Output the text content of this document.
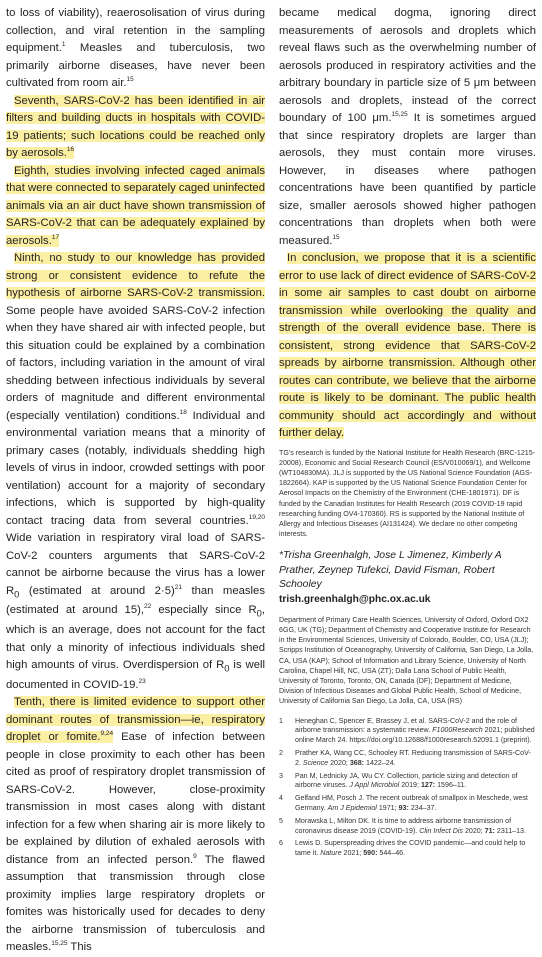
to loss of viability), reaerosolisation of virus during collection, and viral retention in the sampling equipment.$^1$ Measles and tuberculosis, two primarily airborne diseases, have never been cultivated from room air.$^{15}$

Seventh, SARS-CoV-2 has been identified in air filters and building ducts in hospitals with COVID-19 patients; such locations could be reached only by aerosols.$^{16}$

Eighth, studies involving infected caged animals that were connected to separately caged uninfected animals via an air duct have shown transmission of SARS-CoV-2 that can be adequately explained by aerosols.$^{17}$

Ninth, no study to our knowledge has provided strong or consistent evidence to refute the hypothesis of airborne SARS-CoV-2 transmission. Some people have avoided SARS-CoV-2 infection when they have shared air with infected people, but this situation could be explained by a combination of factors, including variation in the amount of viral shedding between infectious individuals by several orders of magnitude and different environmental (especially ventilation) conditions.$^{18}$ Individual and environmental variation means that a minority of primary cases (notably, individuals shedding high levels of virus in indoor, crowded settings with poor ventilation) account for a majority of secondary infections, which is supported by high-quality contact tracing data from several countries.$^{19,20}$ Wide variation in respiratory viral load of SARS-CoV-2 counters arguments that SARS-CoV-2 cannot be airborne because the virus has a lower $R_0$ (estimated at around 2·5)$^{21}$ than measles (estimated at around 15),$^{22}$ especially since $R_0$, which is an average, does not account for the fact that only a minority of infectious individuals shed high amounts of virus. Overdispersion of $R_0$ is well documented in COVID-19.23

Tenth, there is limited evidence to support other dominant routes of transmission—ie, respiratory droplet or fomite.$^{9,24}$ Ease of infection between people in close proximity to each other has been cited as proof of respiratory droplet transmission of SARS-CoV-2. However, close-proximity transmission in most cases along with distant infection for a few when sharing air is more likely to be explained by dilution of exhaled aerosols with distance from an infected person.$^9$ The flawed assumption that transmission through close proximity implies large respiratory droplets or fomites was historically used for decades to deny the airborne transmission of tuberculosis and measles.$^{15,25}$ This

became medical dogma, ignoring direct measurements of aerosols and droplets which reveal flaws such as the overwhelming number of aerosols produced in respiratory activities and the arbitrary boundary in particle size of 5 μm between aerosols and droplets, instead of the correct boundary of 100 μm.$^{15,25}$ It is sometimes argued that since respiratory droplets are larger than aerosols, they must contain more viruses. However, in diseases where pathogen concentrations have been quantified by particle size, smaller aerosols showed higher pathogen concentrations than droplets when both were measured.$^{15}$

In conclusion, we propose that it is a scientific error to use lack of direct evidence of SARS-CoV-2 in some air samples to cast doubt on airborne transmission while overlooking the quality and strength of the overall evidence base. There is consistent, strong evidence that SARS-CoV-2 spreads by airborne transmission. Although other routes can contribute, we believe that the airborne route is likely to be dominant. The public health community should act accordingly and without further delay.

TG's research is funded by the National Institute for Health Research (BRC-1215-20008), Economic and Social Research Council (ES/V010069/1), and Wellcome (WT104830MA). JLJ is supported by the US National Science Foundation (AGS-1822664). KAP is supported by the US National Science Foundation Center for Aerosol Impacts on the Chemistry of the Environment (CHE-1801971). DF is funded by the Canadian Institutes for Health Research (2019 COVID-19 rapid researching funding OV4-170360). RS is supported by the National Institute of Allergy and Infectious Diseases (AI131424). We declare no other competing interests.

*Trisha Greenhalgh, Jose L Jimenez, Kimberly A Prather, Zeynep Tufekci, David Fisman, Robert Schooley

trish.greenhalgh@phc.ox.ac.uk

Department of Primary Care Health Sciences, University of Oxford, Oxford OX2 6GG, UK (TG); Department of Chemistry and Cooperative Institute for Research in the Environmental Sciences, University of Colorado, Boulder, CO, USA (JLJ); Scripps Institution of Oceanography, University of California, San Diego, La Jolla, CA, USA (KAP); School of Information and Library Science, University of North Carolina, Chapel Hill, NC, USA (ZT); Dalla Lana School of Public Health, University of Toronto, Toronto, ON, Canada (DF); Department of Medicine, Division of Infectious Diseases and Global Public Health, School of Medicine, University of California San Diego, La Jolla, CA, USA (RS)

1	Heneghan C, Spencer E, Brassey J, et al. SARS-CoV-2 and the role of airborne transmission: a systematic review. F1000Research 2021; published online March 24. https://doi.org/10.12688/f1000research.52091.1 (preprint).
2	Prather KA, Wang CC, Schooley RT. Reducing transmission of SARS-CoV-2. Science 2020; 368: 1422–24.
3	Pan M, Lednicky JA, Wu CY. Collection, particle sizing and detection of airborne viruses. J Appl Microbiol 2019; 127: 1596–11.
4	Gelfand HM, Posch J. The recent outbreak of smallpox in Meschede, west Germany. Am J Epidemiol 1971; 93: 234–37.
5	Morawska L, Milton DK. It is time to address airborne transmission of coronavirus disease 2019 (COVID-19). Clin Infect Dis 2020; 71: 2311–13.
6	Lewis D. Superspreading drives the COVID pandemic—and could help to tame it. Nature 2021; 590: 544–46.
